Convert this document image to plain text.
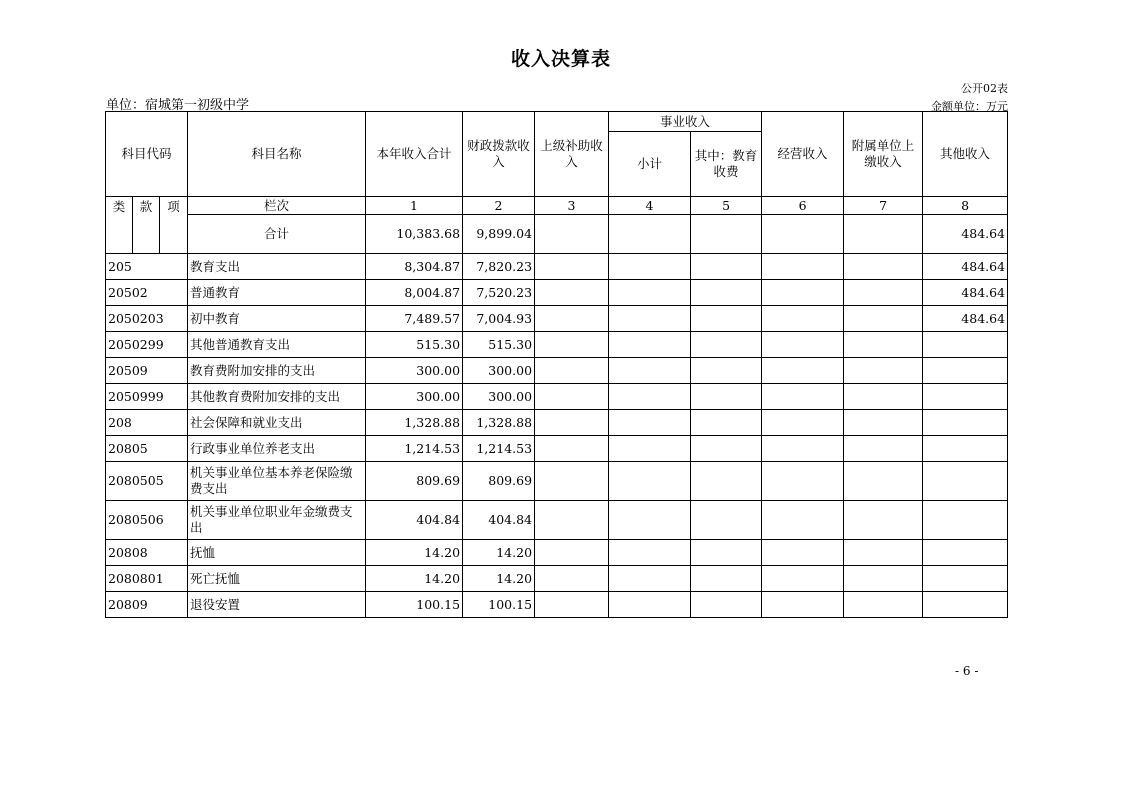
收入决算表
公开02表
单位：宿城第一初级中学	金额单位：万元
科目代码			科目名称	本年收入合计	财政拨款收入	上级补助收入	事业收入		经营收入	附属单位上缴收入	其他收入
							小计	其中：教育收费			
类	款	项	栏次	1	2	3	4	5	6	7	8
			合计	10,383.68	9,899.04						484.64
205			教育支出	8,304.87	7,820.23						484.64
20502			普通教育	8,004.87	7,520.23						484.64
2050203			初中教育	7,489.57	7,004.93						484.64
2050299			其他普通教育支出	515.30	515.30						
20509			教育费附加安排的支出	300.00	300.00						
2050999			其他教育费附加安排的支出	300.00	300.00						
208			社会保障和就业支出	1,328.88	1,328.88						
20805			行政事业单位养老支出	1,214.53	1,214.53						
2080505			机关事业单位基本养老保险缴费支出	809.69	809.69						
2080506			机关事业单位职业年金缴费支出	404.84	404.84						
20808			抚恤	14.20	14.20						
2080801			死亡抚恤	14.20	14.20						
20809			退役安置	100.15	100.15						
- 6 -
